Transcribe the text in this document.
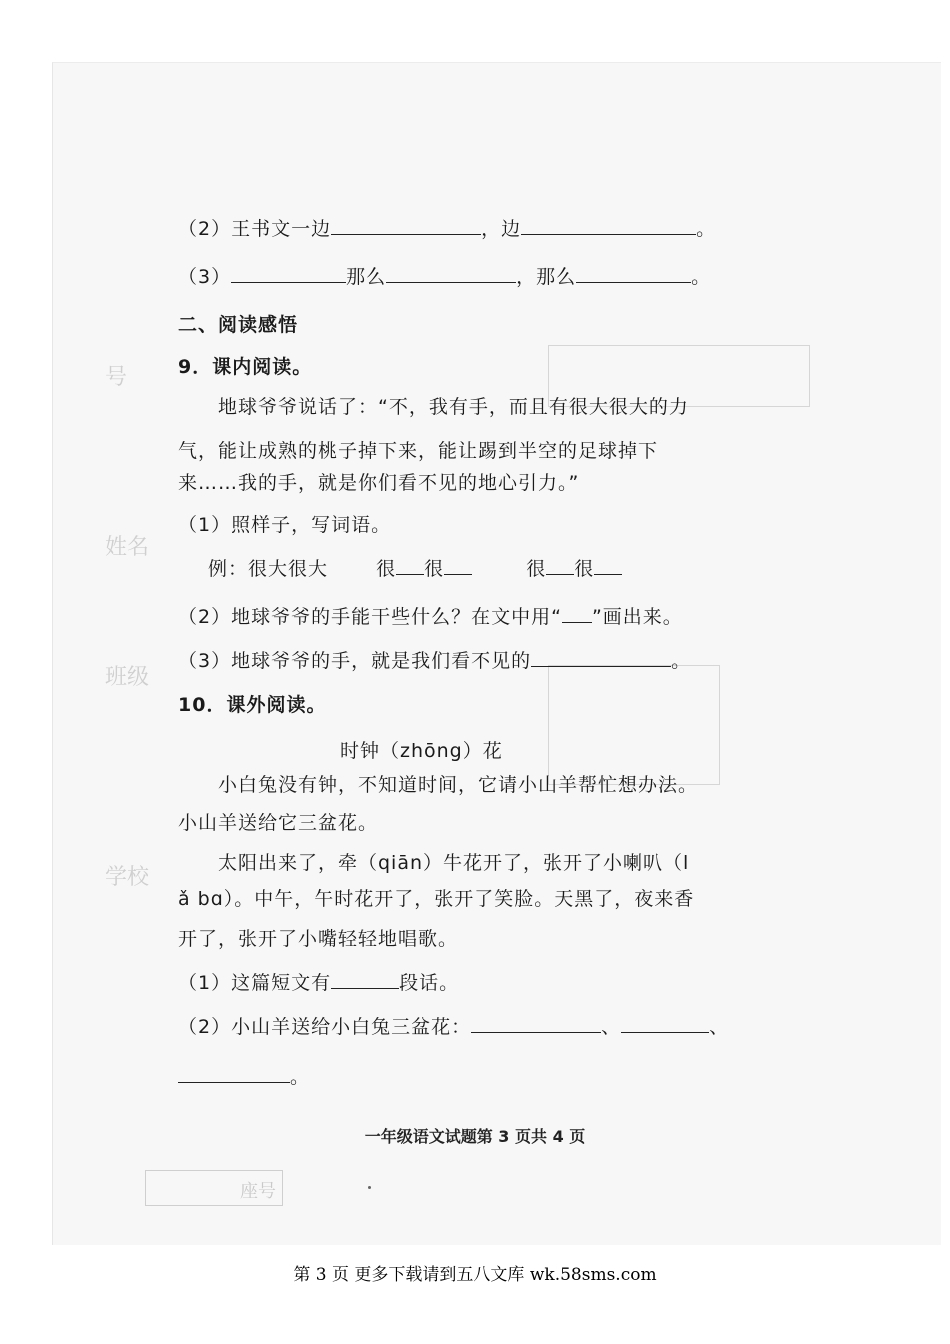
号
姓名
班级
学校
（2）王书文一边	，边	。
（3）	那么	，那么	。
二、阅读感悟
9．课内阅读。
地球爷爷说话了：“不，我有手，而且有很大很大的力
气，能让成熟的桃子掉下来，能让踢到半空的足球掉下
来……我的手，就是你们看不见的地心引力。”
（1）照样子，写词语。
例：很大很大	很 很	很 很
（2）地球爷爷的手能干些什么？在文中用“ ”画出来。
（3）地球爷爷的手，就是我们看不见的	。
10．课外阅读。
时钟（zhōng）花
小白兔没有钟，不知道时间，它请小山羊帮忙想办法。
小山羊送给它三盆花。
太阳出来了，牵（qiān）牛花开了，张开了小喇叭（l
ǎ bɑ）。中午，午时花开了，张开了笑脸。天黑了，夜来香
开了，张开了小嘴轻轻地唱歌。
（1）这篇短文有	段话。
（2）小山羊送给小白兔三盆花：	、	、
。
一年级语文试题第 3 页共 4 页
座号
第 3 页 更多下载请到五八文库 wk.58sms.com
